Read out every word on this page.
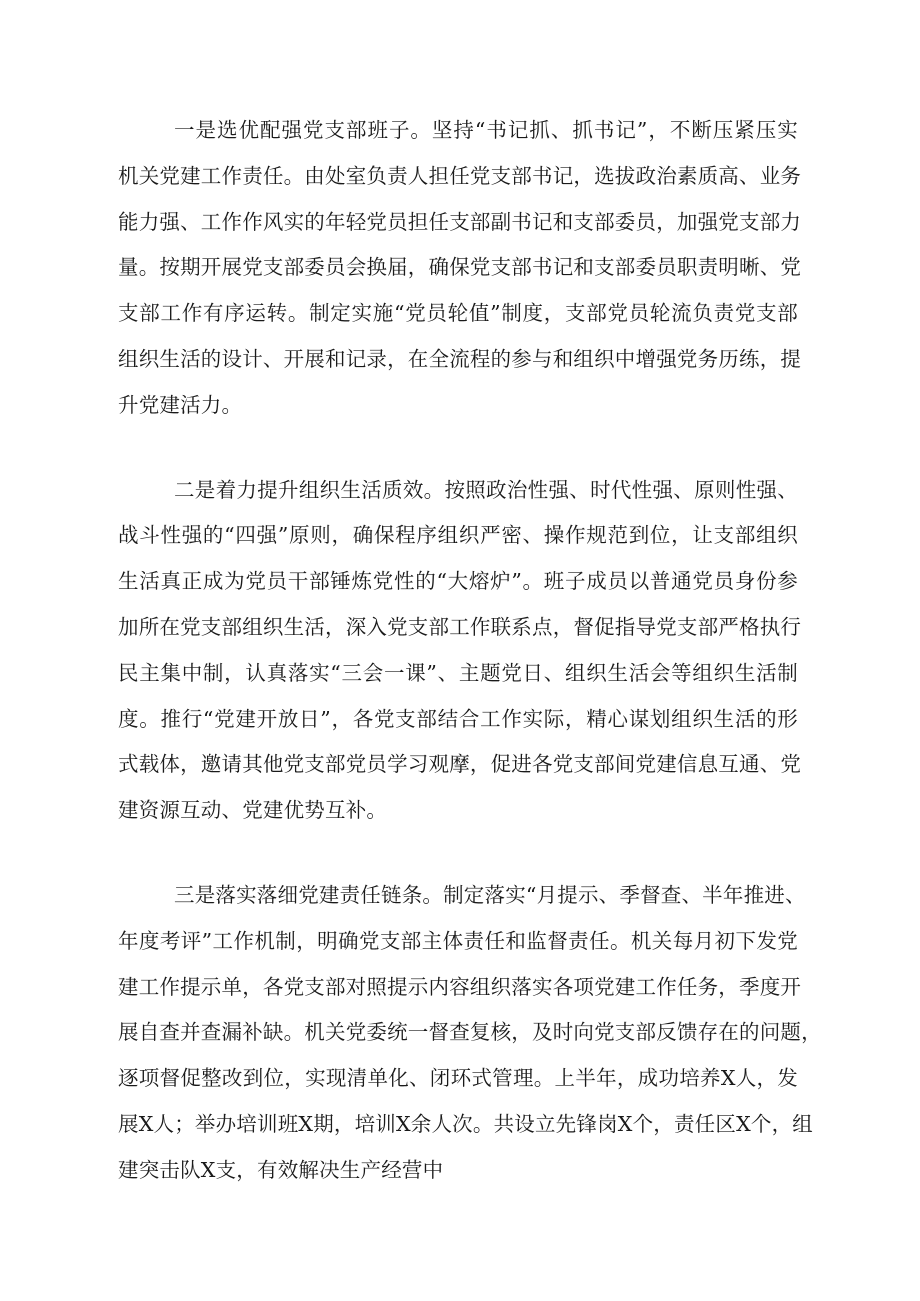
一是选优配强党支部班子。坚持“书记抓、抓书记”，不断压紧压实
机关党建工作责任。由处室负责人担任党支部书记，选拔政治素质高、业务
能力强、工作作风实的年轻党员担任支部副书记和支部委员，加强党支部力
量。按期开展党支部委员会换届，确保党支部书记和支部委员职责明晰、党
支部工作有序运转。制定实施“党员轮值”制度，支部党员轮流负责党支部
组织生活的设计、开展和记录，在全流程的参与和组织中增强党务历练，提
升党建活力。
二是着力提升组织生活质效。按照政治性强、时代性强、原则性强、
战斗性强的“四强”原则，确保程序组织严密、操作规范到位，让支部组织
生活真正成为党员干部锤炼党性的“大熔炉”。班子成员以普通党员身份参
加所在党支部组织生活，深入党支部工作联系点，督促指导党支部严格执行
民主集中制，认真落实“三会一课”、主题党日、组织生活会等组织生活制
度。推行“党建开放日”，各党支部结合工作实际，精心谋划组织生活的形
式载体，邀请其他党支部党员学习观摩，促进各党支部间党建信息互通、党
建资源互动、党建优势互补。
三是落实落细党建责任链条。制定落实“月提示、季督查、半年推进、
年度考评”工作机制，明确党支部主体责任和监督责任。机关每月初下发党
建工作提示单，各党支部对照提示内容组织落实各项党建工作任务，季度开
展自查并查漏补缺。机关党委统一督查复核，及时向党支部反馈存在的问题，
逐项督促整改到位，实现清单化、闭环式管理。上半年，成功培养X人，发
展X人；举办培训班X期，培训X余人次。共设立先锋岗X个，责任区X个，组
建突击队X支，有效解决生产经营中
